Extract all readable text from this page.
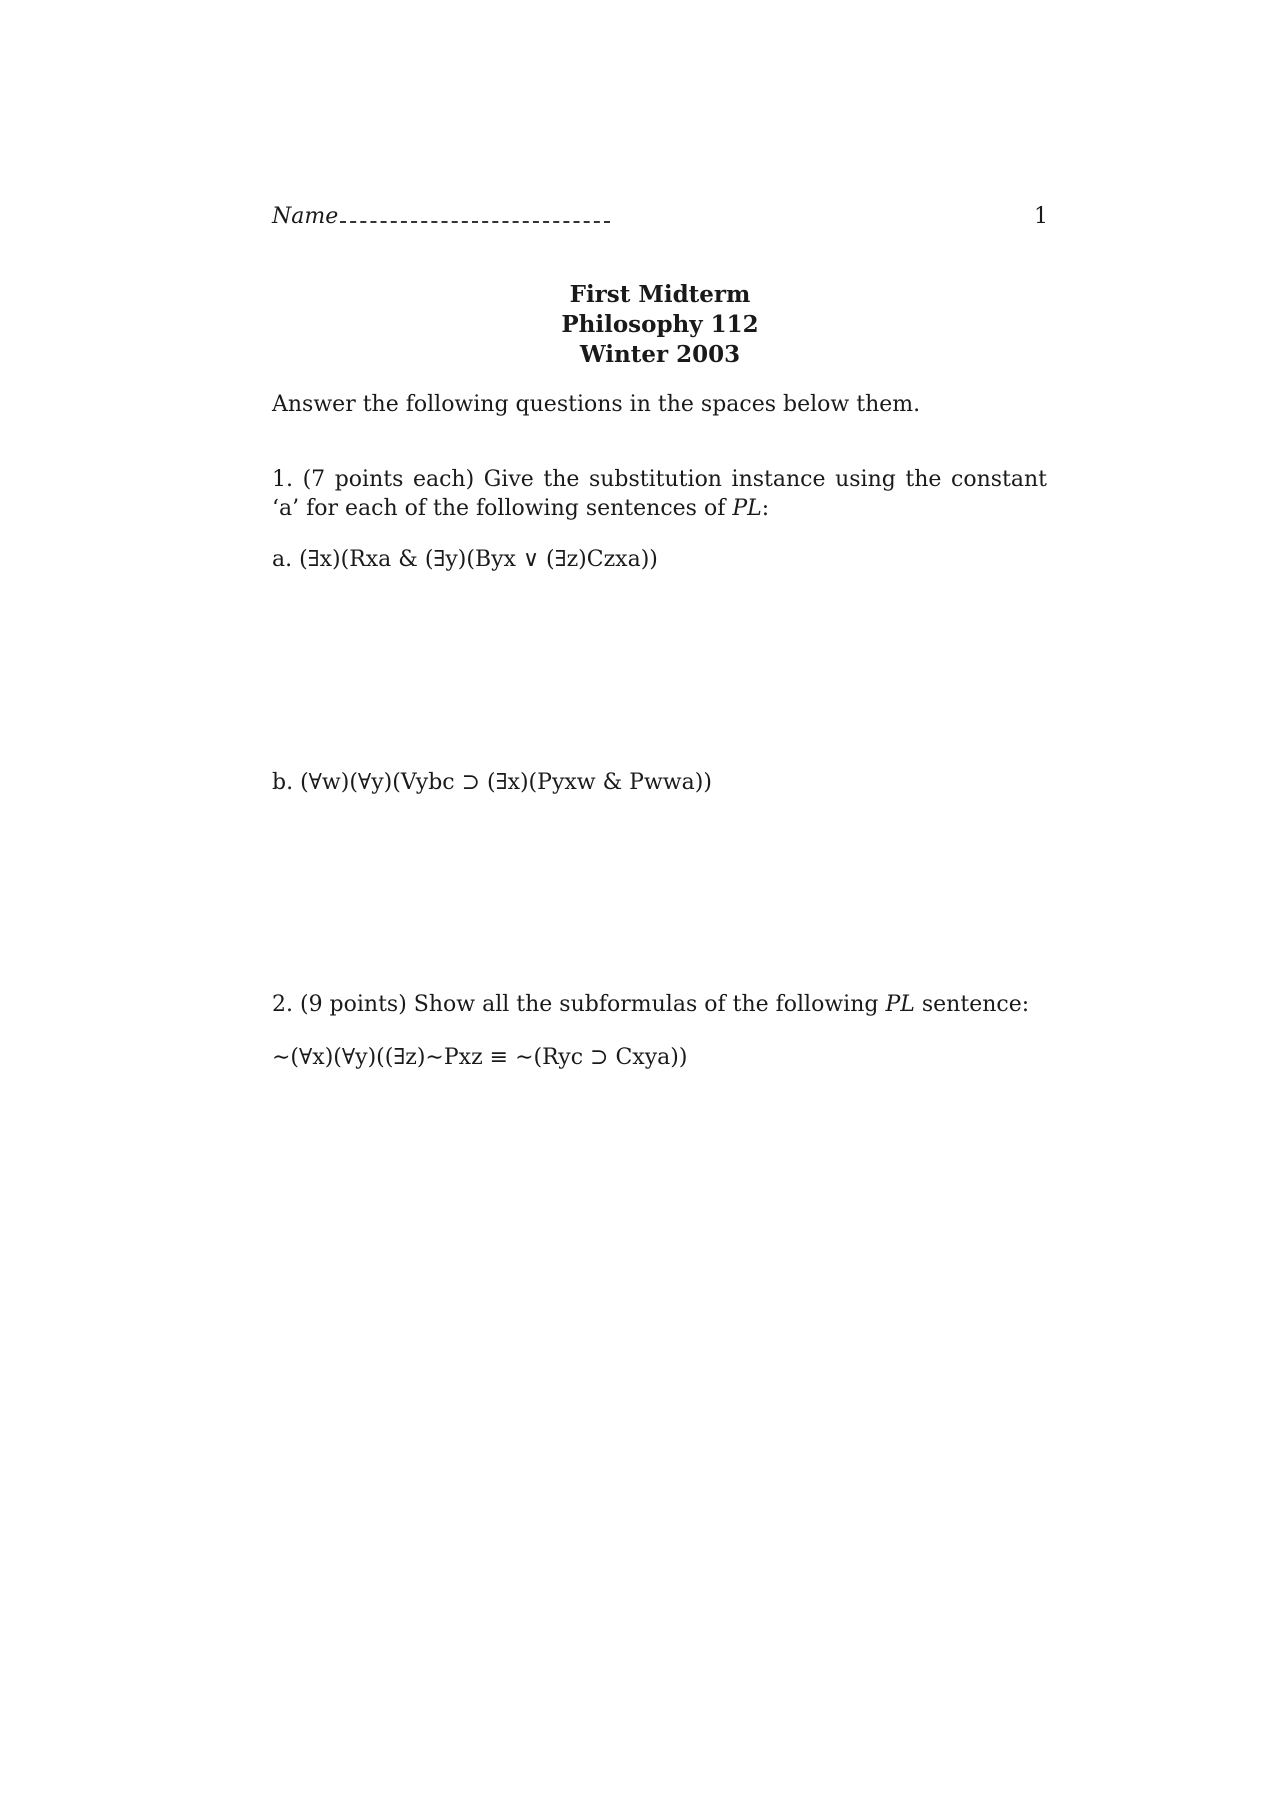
Name	1
First Midterm
Philosophy 112
Winter 2003
Answer the following questions in the spaces below them.
1. (7 points each) Give the substitution instance using the constant ‘a’ for each of the following sentences of PL:
a. (∃x)(Rxa & (∃y)(Byx ∨ (∃z)Czxa))
b. (∀w)(∀y)(Vybc ⊃ (∃x)(Pyxw & Pwwa))
2. (9 points) Show all the subformulas of the following PL sentence:
∼(∀x)(∀y)((∃z)∼Pxz ≡ ∼(Ryc ⊃ Cxya))
